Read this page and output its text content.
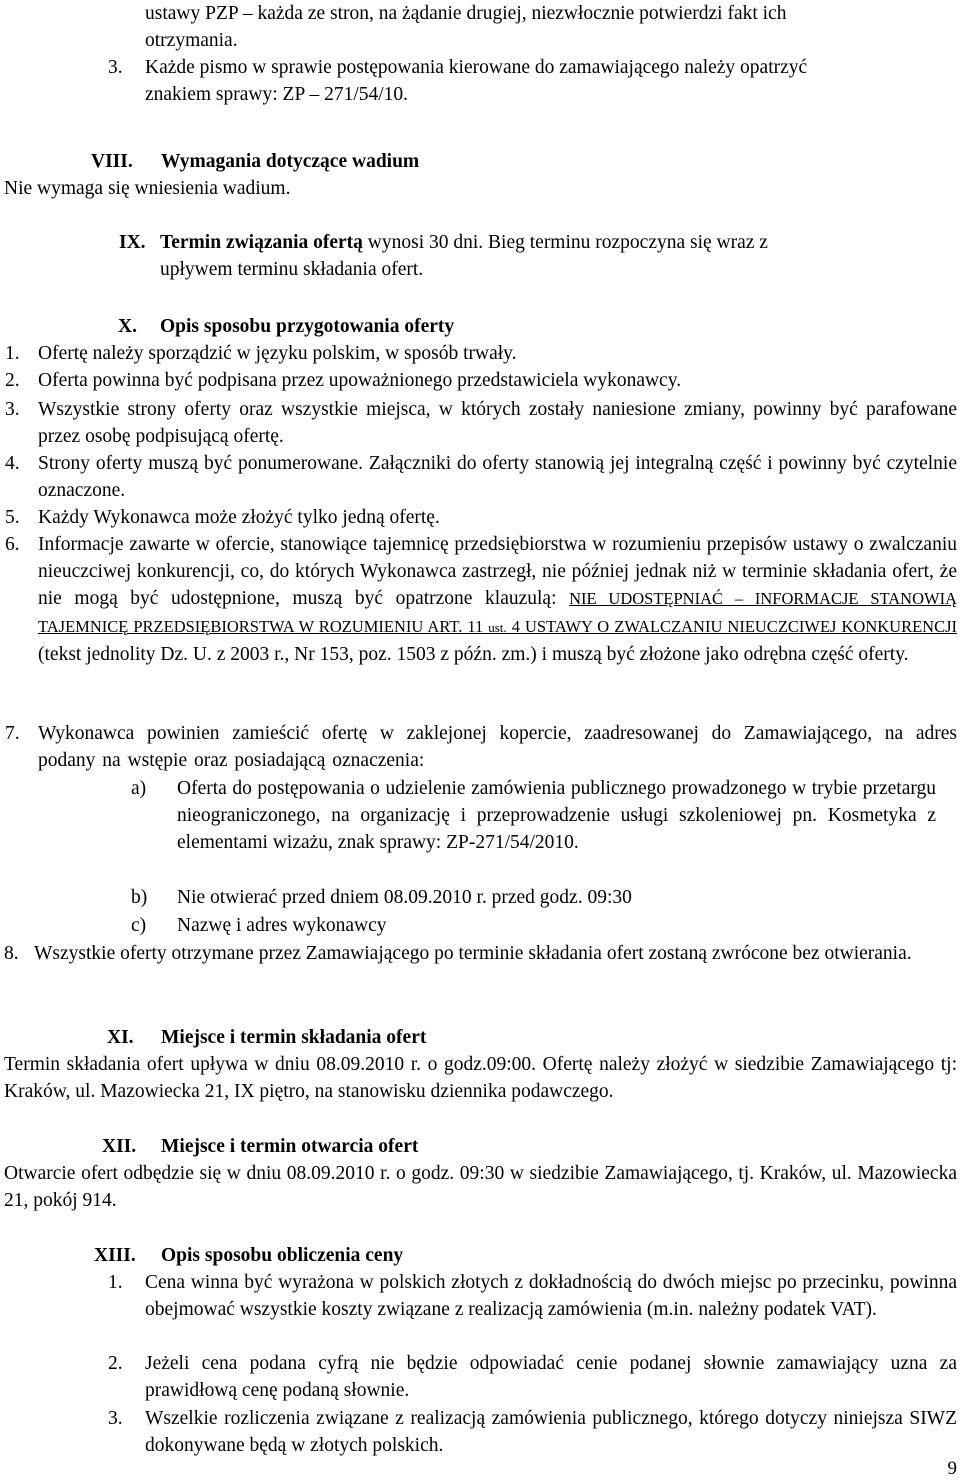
ustawy PZP – każda ze stron, na żądanie drugiej, niezwłocznie potwierdzi fakt ich
otrzymania.
3. Każde pismo w sprawie postępowania kierowane do zamawiającego należy opatrzyć
znakiem sprawy: ZP – 271/54/10.
VIII. Wymagania dotyczące wadium
Nie wymaga się wniesienia wadium.
IX. Termin związania ofertą wynosi 30 dni. Bieg terminu rozpoczyna się wraz z
upływem terminu składania ofert.
X. Opis sposobu przygotowania oferty
1. Ofertę należy sporządzić w języku polskim, w sposób trwały.
2. Oferta powinna być podpisana przez upoważnionego przedstawiciela wykonawcy.
3. Wszystkie strony oferty oraz wszystkie miejsca, w których zostały naniesione zmiany, powinny być parafowane przez osobę podpisującą ofertę.
4. Strony oferty muszą być ponumerowane. Załączniki do oferty stanowią jej integralną część i powinny być czytelnie oznaczone.
5. Każdy Wykonawca może złożyć tylko jedną ofertę.
6. Informacje zawarte w ofercie, stanowiące tajemnicę przedsiębiorstwa w rozumieniu przepisów ustawy o zwalczaniu nieuczciwej konkurencji, co, do których Wykonawca zastrzegł, nie później jednak niż w terminie składania ofert, że nie mogą być udostępnione, muszą być opatrzone klauzulą: NIE UDOSTĘPNIAĆ – INFORMACJE STANOWIĄ TAJEMNICĘ PRZEDSIĘBIORSTWA W ROZUMIENIU ART. 11 ust. 4 USTAWY O ZWALCZANIU NIEUCZCIWEJ KONKURENCJI (tekst jednolity Dz. U. z 2003 r., Nr 153, poz. 1503 z późn. zm.) i muszą być złożone jako odrębna część oferty.
7. Wykonawca powinien zamieścić ofertę w zaklejonej kopercie, zaadresowanej do Zamawiającego, na adres podany na wstępie oraz posiadającą oznaczenia:
a) Oferta do postępowania o udzielenie zamówienia publicznego prowadzonego w trybie przetargu nieograniczonego, na organizację i przeprowadzenie usługi szkoleniowej pn. Kosmetyka z elementami wizażu, znak sprawy: ZP-271/54/2010.
b) Nie otwierać przed dniem 08.09.2010 r. przed godz. 09:30
c) Nazwę i adres wykonawcy
8. Wszystkie oferty otrzymane przez Zamawiającego po terminie składania ofert zostaną zwrócone bez otwierania.
XI. Miejsce i termin składania ofert
Termin składania ofert upływa w dniu 08.09.2010 r. o godz.09:00. Ofertę należy złożyć w siedzibie Zamawiającego tj: Kraków, ul. Mazowiecka 21, IX piętro, na stanowisku dziennika podawczego.
XII. Miejsce i termin otwarcia ofert
Otwarcie ofert odbędzie się w dniu 08.09.2010 r. o godz. 09:30 w siedzibie Zamawiającego, tj. Kraków, ul. Mazowiecka 21, pokój 914.
XIII. Opis sposobu obliczenia ceny
1. Cena winna być wyrażona w polskich złotych z dokładnością do dwóch miejsc po przecinku, powinna obejmować wszystkie koszty związane z realizacją zamówienia (m.in. należny podatek VAT).
2. Jeżeli cena podana cyfrą nie będzie odpowiadać cenie podanej słownie zamawiający uzna za prawidłową cenę podaną słownie.
3. Wszelkie rozliczenia związane z realizacją zamówienia publicznego, którego dotyczy niniejsza SIWZ dokonywane będą w złotych polskich.
9
